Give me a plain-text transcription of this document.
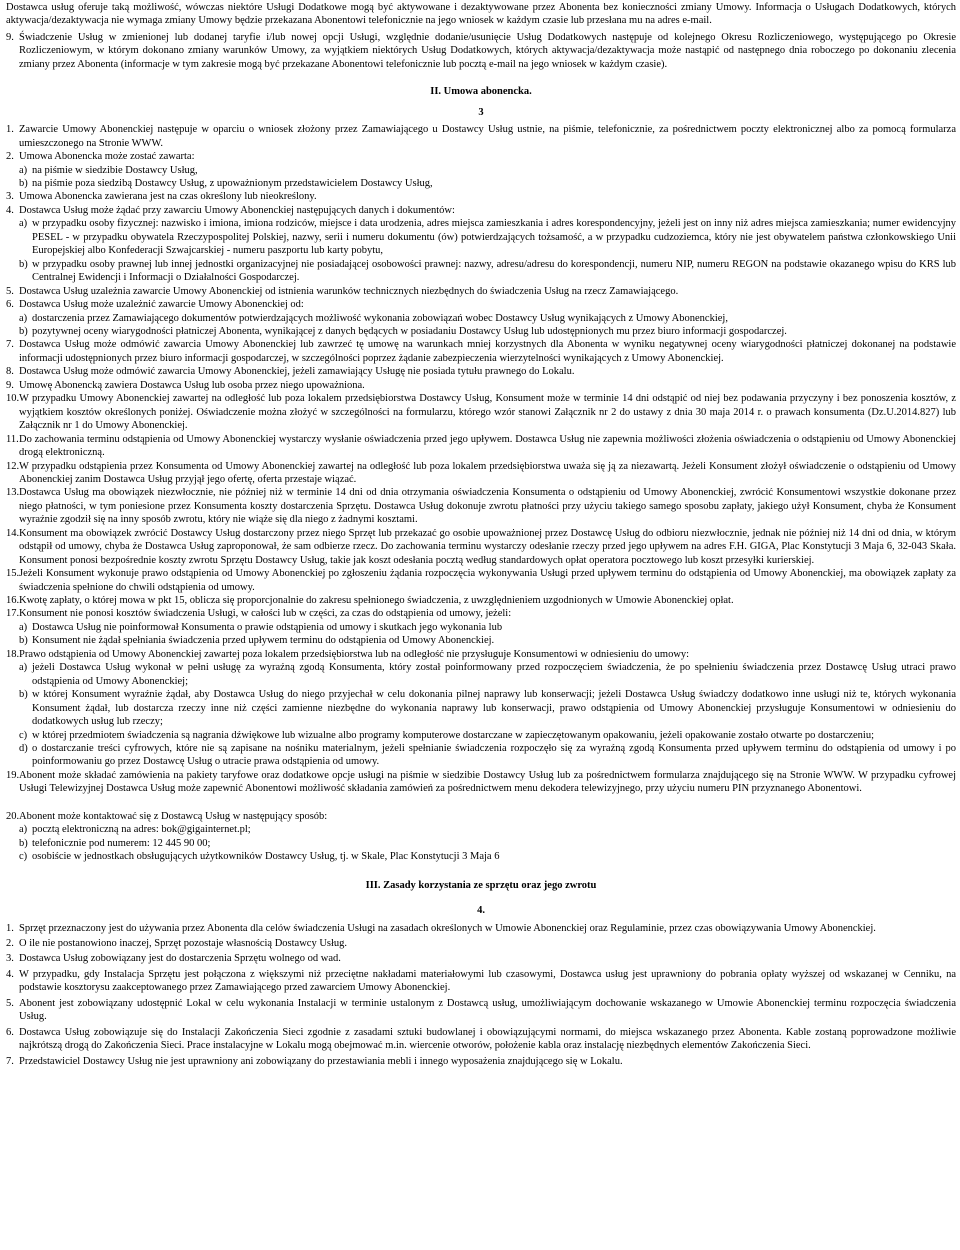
Dostawca usług oferuje taką możliwość, wówczas niektóre Usługi Dodatkowe mogą być aktywowane i dezaktywowane przez Abonenta bez konieczności zmiany Umowy. Informacja o Usługach Dodatkowych, których aktywacja/dezaktywacja nie wymaga zmiany Umowy będzie przekazana Abonentowi telefonicznie na jego wniosek w każdym czasie lub przesłana mu na adres e-mail.

9. Świadczenie Usług w zmienionej lub dodanej taryfie i/lub nowej opcji Usługi, względnie dodanie/usunięcie Usług Dodatkowych następuje od kolejnego Okresu Rozliczeniowego, występującego po Okresie Rozliczeniowym, w którym dokonano zmiany warunków Umowy, za wyjątkiem niektórych Usług Dodatkowych, których aktywacja/dezaktywacja może nastąpić od następnego dnia roboczego po dokonaniu zlecenia zmiany przez Abonenta (informacje w tym zakresie mogą być przekazane Abonentowi telefonicznie lub pocztą e-mail na jego wniosek w każdym czasie).

II. Umowa abonencka.

3

1. Zawarcie Umowy Abonenckiej następuje w oparciu o wniosek złożony przez Zamawiającego u Dostawcy Usług ustnie, na piśmie, telefonicznie, za pośrednictwem poczty elektronicznej albo za pomocą formularza umieszczonego na Stronie WWW.

2. Umowa Abonencka może zostać zawarta:

a) na piśmie w siedzibie Dostawcy Usług,

b) na piśmie poza siedzibą Dostawcy Usług, z upoważnionym przedstawicielem Dostawcy Usług,

3. Umowa Abonencka zawierana jest na czas określony lub nieokreślony.

4. Dostawca Usług może żądać przy zawarciu Umowy Abonenckiej następujących danych i dokumentów:

a) w przypadku osoby fizycznej: nazwisko i imiona, imiona rodziców, miejsce i data urodzenia, adres miejsca zamieszkania i adres korespondencyjny, jeżeli jest on inny niż adres miejsca zamieszkania; numer ewidencyjny PESEL - w przypadku obywatela Rzeczypospolitej Polskiej, nazwy, serii i numeru dokumentu (ów) potwierdzających tożsamość, a w przypadku cudzoziemca, który nie jest obywatelem państwa członkowskiego Unii Europejskiej albo Konfederacji Szwajcarskiej - numeru paszportu lub karty pobytu,

b) w przypadku osoby prawnej lub innej jednostki organizacyjnej nie posiadającej osobowości prawnej: nazwy, adresu/adresu do korespondencji, numeru NIP, numeru REGON na podstawie okazanego wpisu do KRS lub Centralnej Ewidencji i Informacji o Działalności Gospodarczej.

5. Dostawca Usług uzależnia zawarcie Umowy Abonenckiej od istnienia warunków technicznych niezbędnych do świadczenia Usług na rzecz Zamawiającego.

6. Dostawca Usług może uzależnić zawarcie Umowy Abonenckiej od:

a) dostarczenia przez Zamawiającego dokumentów potwierdzających możliwość wykonania zobowiązań wobec Dostawcy Usług wynikających z Umowy Abonenckiej,

b) pozytywnej oceny wiarygodności płatniczej Abonenta, wynikającej z danych będących w posiadaniu Dostawcy Usług lub udostępnionych mu przez biuro informacji gospodarczej.

7. Dostawca Usług może odmówić zawarcia Umowy Abonenckiej lub zawrzeć tę umowę na warunkach mniej korzystnych dla Abonenta w wyniku negatywnej oceny wiarygodności płatniczej dokonanej na podstawie informacji udostępnionych przez biuro informacji gospodarczej, w szczególności poprzez żądanie zabezpieczenia wierzytelności wynikających z Umowy Abonenckiej.

8. Dostawca Usług może odmówić zawarcia Umowy Abonenckiej, jeżeli zamawiający Usługę nie posiada tytułu prawnego do Lokalu.

9. Umowę Abonencką zawiera Dostawca Usług lub osoba przez niego upoważniona.

10. W przypadku Umowy Abonenckiej zawartej na odległość lub poza lokalem przedsiębiorstwa Dostawcy Usług, Konsument może w terminie 14 dni odstąpić od niej bez podawania przyczyny i bez ponoszenia kosztów, z wyjątkiem kosztów określonych poniżej. Oświadczenie można złożyć w szczególności na formularzu, którego wzór stanowi Załącznik nr 2 do ustawy z dnia 30 maja 2014 r. o prawach konsumenta (Dz.U.2014.827) lub Załącznik nr 1 do Umowy Abonenckiej.

11. Do zachowania terminu odstąpienia od Umowy Abonenckiej wystarczy wysłanie oświadczenia przed jego upływem. Dostawca Usług nie zapewnia możliwości złożenia oświadczenia o odstąpieniu od Umowy Abonenckiej drogą elektroniczną.

12. W przypadku odstąpienia przez Konsumenta od Umowy Abonenckiej zawartej na odległość lub poza lokalem przedsiębiorstwa uważa się ją za niezawartą. Jeżeli Konsument złożył oświadczenie o odstąpieniu od Umowy Abonenckiej zanim Dostawca Usług przyjął jego ofertę, oferta przestaje wiązać.

13. Dostawca Usług ma obowiązek niezwłocznie, nie później niż w terminie 14 dni od dnia otrzymania oświadczenia Konsumenta o odstąpieniu od Umowy Abonenckiej, zwrócić Konsumentowi wszystkie dokonane przez niego płatności, w tym poniesione przez Konsumenta koszty dostarczenia Sprzętu. Dostawca Usług dokonuje zwrotu płatności przy użyciu takiego samego sposobu zapłaty, jakiego użył Konsument, chyba że Konsument wyraźnie zgodził się na inny sposób zwrotu, który nie wiąże się dla niego z żadnymi kosztami.

14. Konsument ma obowiązek zwrócić Dostawcy Usług dostarczony przez niego Sprzęt lub przekazać go osobie upoważnionej przez Dostawcę Usług do odbioru niezwłocznie, jednak nie później niż 14 dni od dnia, w którym odstąpił od umowy, chyba że Dostawca Usług zaproponował, że sam odbierze rzecz. Do zachowania terminu wystarczy odesłanie rzeczy przed jego upływem na adres F.H. GIGA, Plac Konstytucji 3 Maja 6, 32-043 Skała. Konsument ponosi bezpośrednie koszty zwrotu Sprzętu Dostawcy Usług, takie jak koszt odesłania pocztą według standardowych opłat operatora pocztowego lub koszt przesyłki kurierskiej.

15. Jeżeli Konsument wykonuje prawo odstąpienia od Umowy Abonenckiej po zgłoszeniu żądania rozpoczęcia wykonywania Usługi przed upływem terminu do odstąpienia od Umowy Abonenckiej, ma obowiązek zapłaty za świadczenia spełnione do chwili odstąpienia od umowy.

16. Kwotę zapłaty, o której mowa w pkt 15, oblicza się proporcjonalnie do zakresu spełnionego świadczenia, z uwzględnieniem uzgodnionych w Umowie Abonenckiej opłat.

17. Konsument nie ponosi kosztów świadczenia Usługi, w całości lub w części, za czas do odstąpienia od umowy, jeżeli:

a) Dostawca Usług nie poinformował Konsumenta o prawie odstąpienia od umowy i skutkach jego wykonania lub

b) Konsument nie żądał spełniania świadczenia przed upływem terminu do odstąpienia od Umowy Abonenckiej.

18. Prawo odstąpienia od Umowy Abonenckiej zawartej poza lokalem przedsiębiorstwa lub na odległość nie przysługuje Konsumentowi w odniesieniu do umowy:

a) jeżeli Dostawca Usług wykonał w pełni usługę za wyraźną zgodą Konsumenta, który został poinformowany przed rozpoczęciem świadczenia, że po spełnieniu świadczenia przez Dostawcę Usług utraci prawo odstąpienia od Umowy Abonenckiej;

b) w której Konsument wyraźnie żądał, aby Dostawca Usług do niego przyjechał w celu dokonania pilnej naprawy lub konserwacji; jeżeli Dostawca Usług świadczy dodatkowo inne usługi niż te, których wykonania Konsument żądał, lub dostarcza rzeczy inne niż części zamienne niezbędne do wykonania naprawy lub konserwacji, prawo odstąpienia od Umowy Abonenckiej przysługuje Konsumentowi w odniesieniu do dodatkowych usług lub rzeczy;

c) w której przedmiotem świadczenia są nagrania dźwiękowe lub wizualne albo programy komputerowe dostarczane w zapieczętowanym opakowaniu, jeżeli opakowanie zostało otwarte po dostarczeniu;

d) o dostarczanie treści cyfrowych, które nie są zapisane na nośniku materialnym, jeżeli spełnianie świadczenia rozpoczęło się za wyraźną zgodą Konsumenta przed upływem terminu do odstąpienia od umowy i po poinformowaniu go przez Dostawcę Usług o utracie prawa odstąpienia od umowy.

19. Abonent może składać zamówienia na pakiety taryfowe oraz dodatkowe opcje usługi na piśmie w siedzibie Dostawcy Usług lub za pośrednictwem formularza znajdującego się na Stronie WWW. W przypadku cyfrowej Usługi Telewizyjnej Dostawca Usług może zapewnić Abonentowi możliwość składania zamówień za pośrednictwem menu dekodera telewizyjnego, przy użyciu numeru PIN przyznanego Abonentowi.

20. Abonent może kontaktować się z Dostawcą Usług w następujący sposób:

a) pocztą elektroniczną na adres: bok@gigainternet.pl;

b) telefonicznie pod numerem: 12 445 90 00;

c) osobiście w jednostkach obsługujących użytkowników Dostawcy Usług, tj. w Skale, Plac Konstytucji 3 Maja 6

III. Zasady korzystania ze sprzętu oraz jego zwrotu

4.

1. Sprzęt przeznaczony jest do używania przez Abonenta dla celów świadczenia Usługi na zasadach określonych w Umowie Abonenckiej oraz Regulaminie, przez czas obowiązywania Umowy Abonenckiej.

2. O ile nie postanowiono inaczej, Sprzęt pozostaje własnością Dostawcy Usług.

3. Dostawca Usług zobowiązany jest do dostarczenia Sprzętu wolnego od wad.

4. W przypadku, gdy Instalacja Sprzętu jest połączona z większymi niż przeciętne nakładami materiałowymi lub czasowymi, Dostawca usług jest uprawniony do pobrania opłaty wyższej od wskazanej w Cenniku, na podstawie kosztorysu zaakceptowanego przez Zamawiającego przed zawarciem Umowy Abonenckiej.

5. Abonent jest zobowiązany udostępnić Lokal w celu wykonania Instalacji w terminie ustalonym z Dostawcą usług, umożliwiającym dochowanie wskazanego w Umowie Abonenckiej terminu rozpoczęcia świadczenia Usług.

6. Dostawca Usług zobowiązuje się do Instalacji Zakończenia Sieci zgodnie z zasadami sztuki budowlanej i obowiązującymi normami, do miejsca wskazanego przez Abonenta. Kable zostaną poprowadzone możliwie najkrótszą drogą do Zakończenia Sieci. Prace instalacyjne w Lokalu mogą obejmować m.in. wiercenie otworów, położenie kabla oraz instalację niezbędnych elementów Zakończenia Sieci.

7. Przedstawiciel Dostawcy Usług nie jest uprawniony ani zobowiązany do przestawiania mebli i innego wyposażenia znajdującego się w Lokalu.
